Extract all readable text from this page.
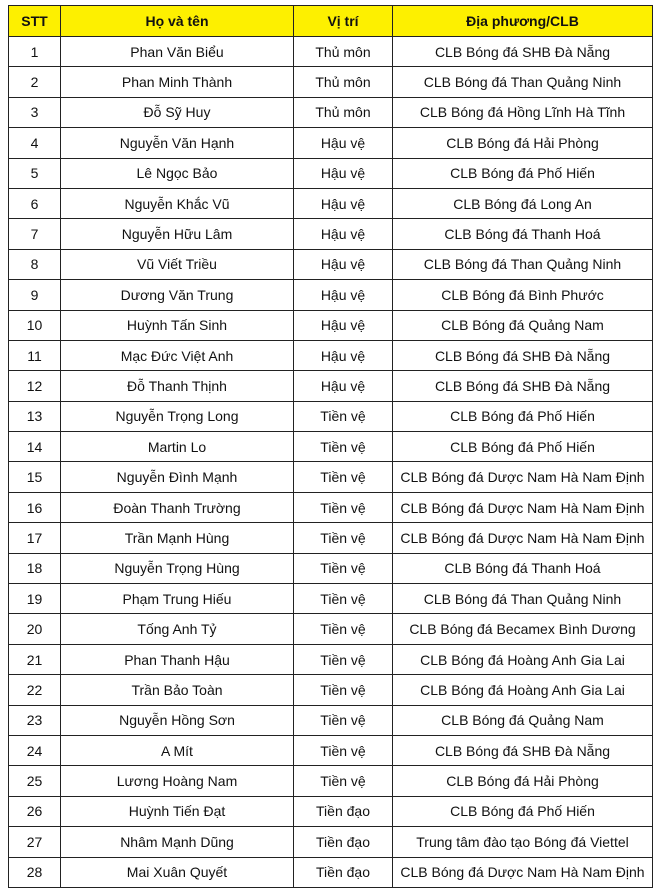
STT	Họ và tên	Vị trí	Địa phương/CLB
1	Phan Văn Biểu	Thủ môn	CLB Bóng đá SHB Đà Nẵng
2	Phan Minh Thành	Thủ môn	CLB Bóng đá Than Quảng Ninh
3	Đỗ Sỹ Huy	Thủ môn	CLB Bóng đá Hồng Lĩnh Hà Tĩnh
4	Nguyễn Văn Hạnh	Hậu vệ	CLB Bóng đá Hải Phòng
5	Lê Ngọc Bảo	Hậu vệ	CLB Bóng đá Phố Hiến
6	Nguyễn Khắc Vũ	Hậu vệ	CLB Bóng đá Long An
7	Nguyễn Hữu Lâm	Hậu vệ	CLB Bóng đá Thanh Hoá
8	Vũ Viết Triều	Hậu vệ	CLB Bóng đá Than Quảng Ninh
9	Dương Văn Trung	Hậu vệ	CLB Bóng đá Bình Phước
10	Huỳnh Tấn Sinh	Hậu vệ	CLB Bóng đá Quảng Nam
11	Mạc Đức Việt Anh	Hậu vệ	CLB Bóng đá SHB Đà Nẵng
12	Đỗ Thanh Thịnh	Hậu vệ	CLB Bóng đá SHB Đà Nẵng
13	Nguyễn Trọng Long	Tiền vệ	CLB Bóng đá Phố Hiến
14	Martin Lo	Tiền vệ	CLB Bóng đá Phố Hiến
15	Nguyễn Đình Mạnh	Tiền vệ	CLB Bóng đá Dược Nam Hà Nam Định
16	Đoàn Thanh Trường	Tiền vệ	CLB Bóng đá Dược Nam Hà Nam Định
17	Trần Mạnh Hùng	Tiền vệ	CLB Bóng đá Dược Nam Hà Nam Định
18	Nguyễn Trọng Hùng	Tiền vệ	CLB Bóng đá Thanh Hoá
19	Phạm Trung Hiếu	Tiền vệ	CLB Bóng đá Than Quảng Ninh
20	Tống Anh Tỷ	Tiền vệ	CLB Bóng đá Becamex Bình Dương
21	Phan Thanh Hậu	Tiền vệ	CLB Bóng đá Hoàng Anh Gia Lai
22	Trần Bảo Toàn	Tiền vệ	CLB Bóng đá Hoàng Anh Gia Lai
23	Nguyễn Hồng Sơn	Tiền vệ	CLB Bóng đá Quảng Nam
24	A Mít	Tiền vệ	CLB Bóng đá SHB Đà Nẵng
25	Lương Hoàng Nam	Tiền vệ	CLB Bóng đá Hải Phòng
26	Huỳnh Tiến Đạt	Tiền đạo	CLB Bóng đá Phố Hiến
27	Nhâm Mạnh Dũng	Tiền đạo	Trung tâm đào tạo Bóng đá Viettel
28	Mai Xuân Quyết	Tiền đạo	CLB Bóng đá Dược Nam Hà Nam Định
